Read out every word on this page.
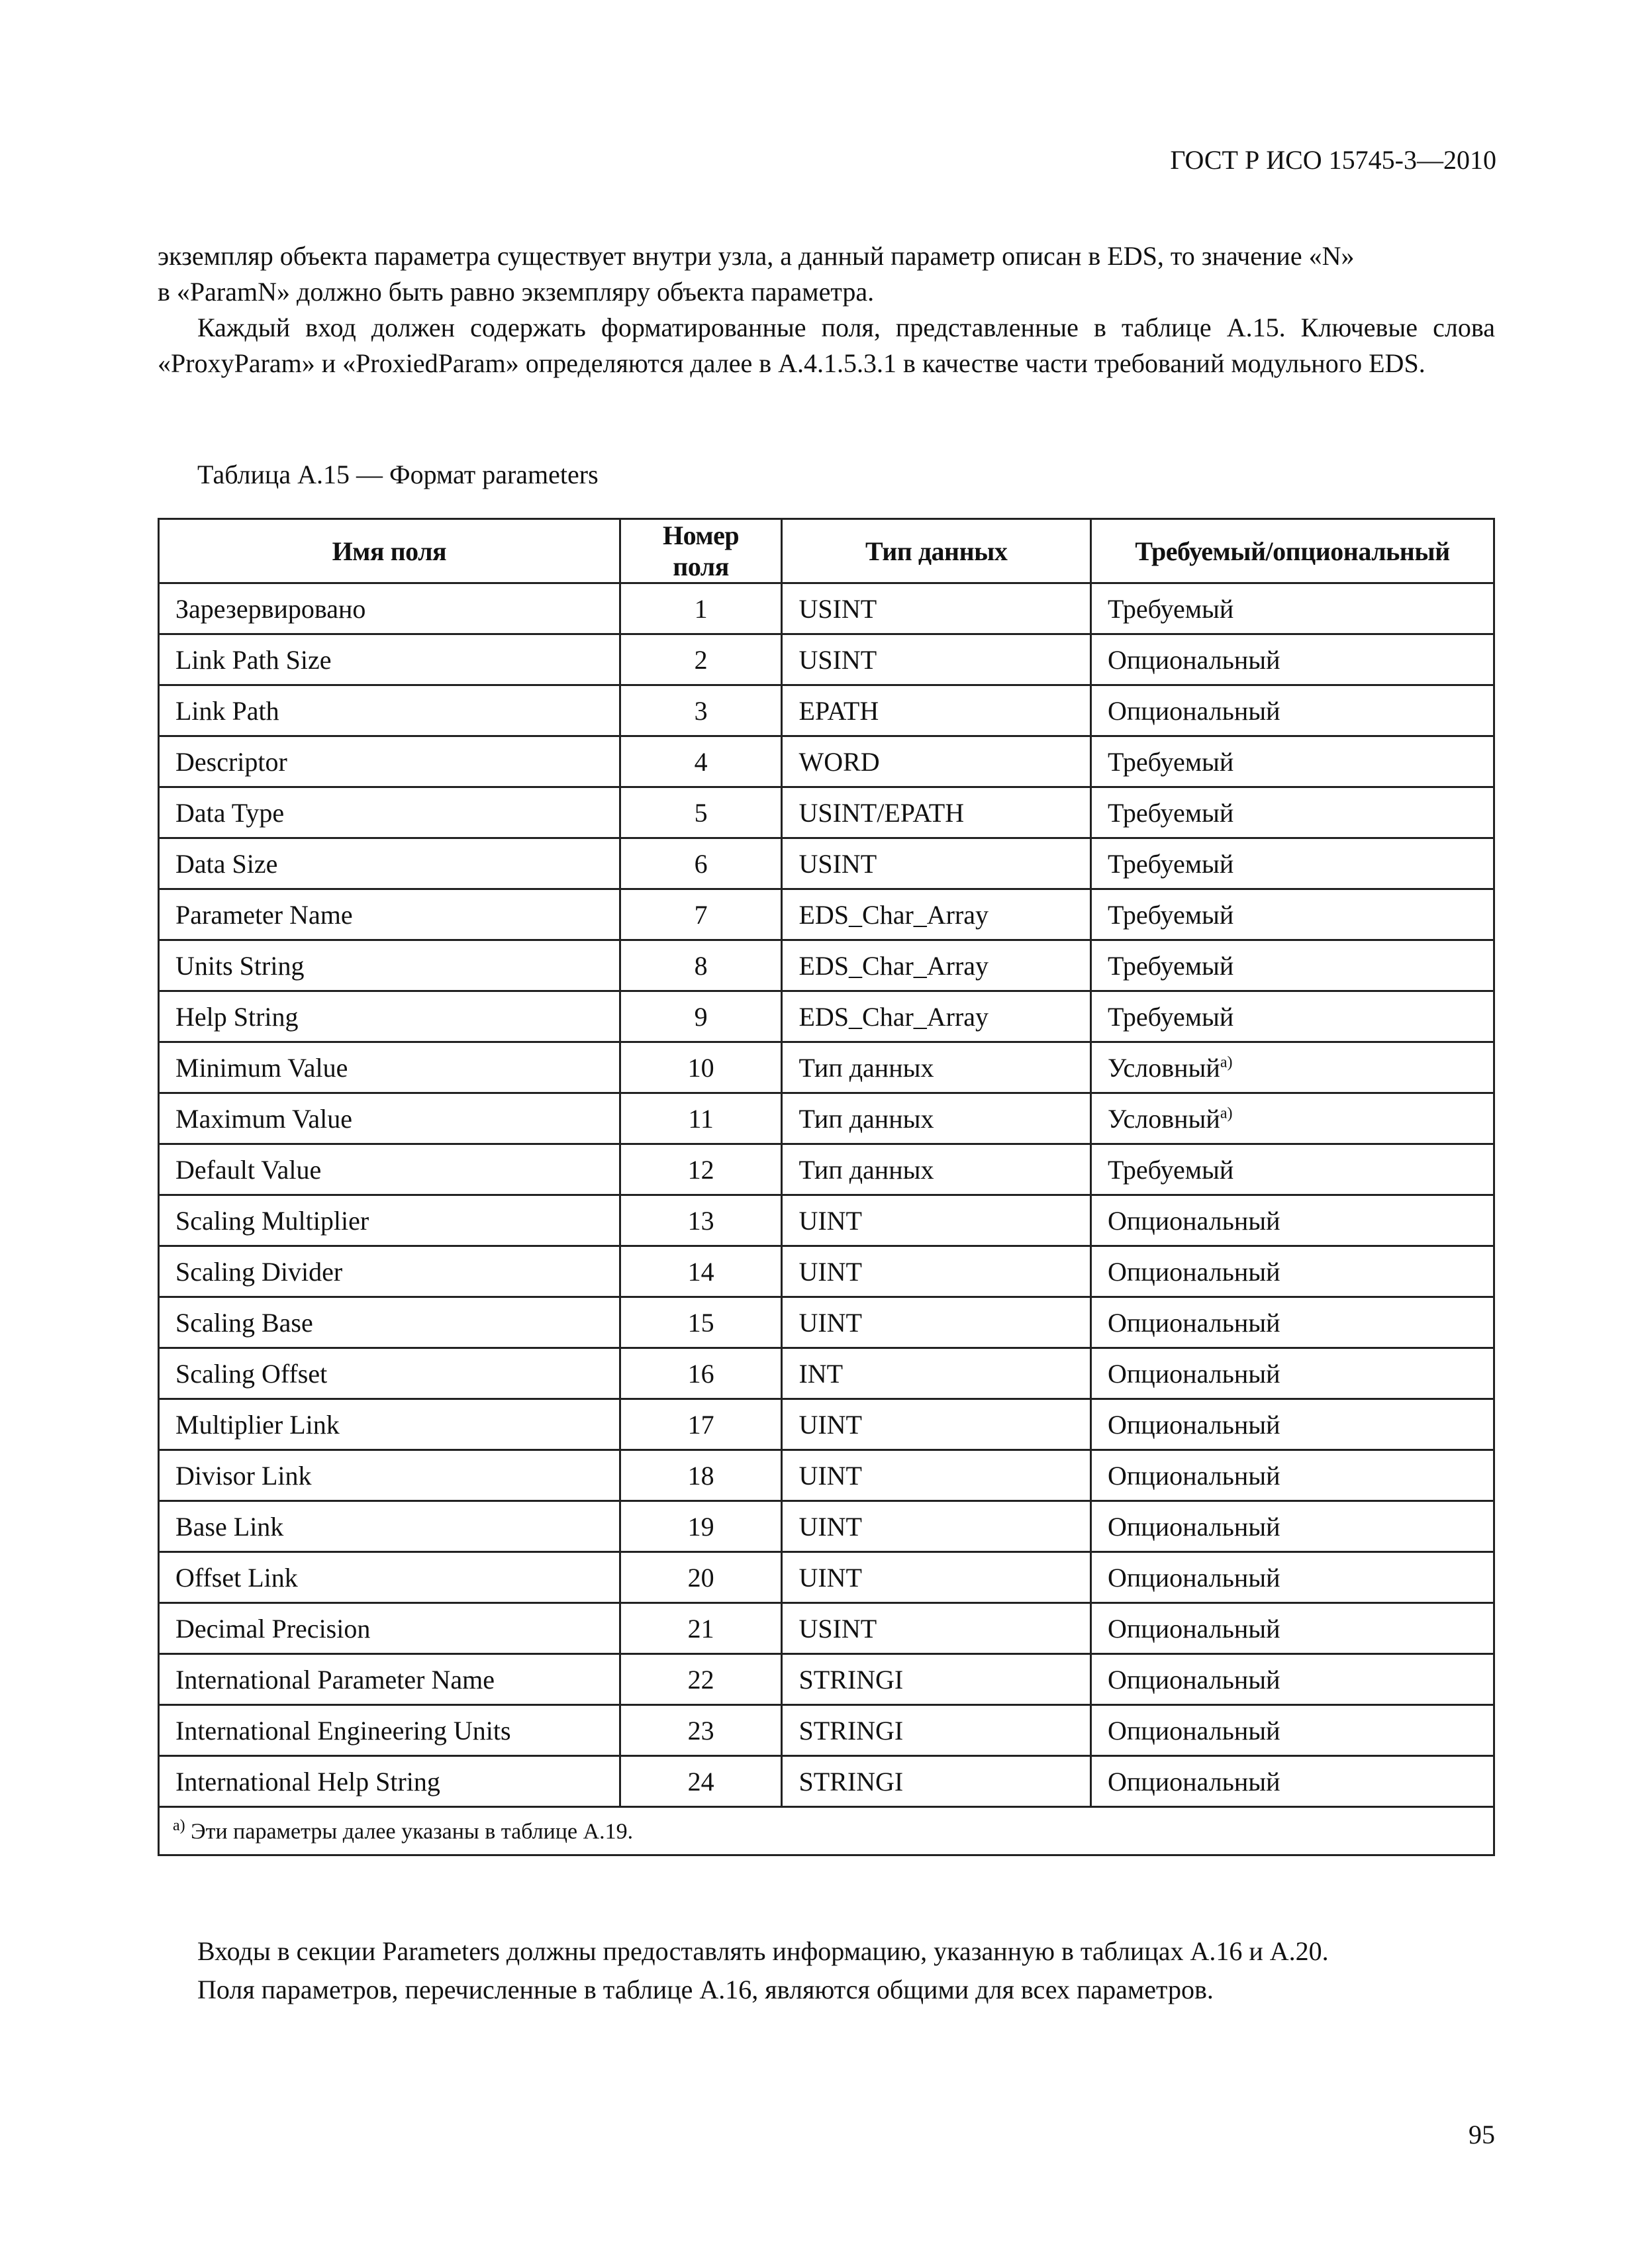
ГОСТ Р ИСО 15745-3—2010

экземпляр объекта параметра существует внутри узла, а данный параметр описан в EDS, то значение «N»
в «ParamN» должно быть равно экземпляру объекта параметра.

Каждый вход должен содержать форматированные поля, представленные в таблице А.15. Ключевые слова «ProxyParam» и «ProxiedParam» определяются далее в А.4.1.5.3.1 в качестве части требований модульного EDS.

Таблица А.15 — Формат parameters
Имя поля	Номер поля	Тип данных	Требуемый/опциональный
Зарезервировано	1	USINT	Требуемый
Link Path Size	2	USINT	Опциональный
Link Path	3	EPATH	Опциональный
Descriptor	4	WORD	Требуемый
Data Type	5	USINT/EPATH	Требуемый
Data Size	6	USINT	Требуемый
Parameter Name	7	EDS_Char_Array	Требуемый
Units String	8	EDS_Char_Array	Требуемый
Help String	9	EDS_Char_Array	Требуемый
Minimum Value	10	Тип данных	Условный$^{а)}$
Maximum Value	11	Тип данных	Условный$^{а)}$
Default Value	12	Тип данных	Требуемый
Scaling Multiplier	13	UINT	Опциональный
Scaling Divider	14	UINT	Опциональный
Scaling Base	15	UINT	Опциональный
Scaling Offset	16	INT	Опциональный
Multiplier Link	17	UINT	Опциональный
Divisor Link	18	UINT	Опциональный
Base Link	19	UINT	Опциональный
Offset Link	20	UINT	Опциональный
Decimal Precision	21	USINT	Опциональный
International Parameter Name	22	STRINGI	Опциональный
International Engineering Units	23	STRINGI	Опциональный
International Help String	24	STRINGI	Опциональный
$^{а)}$ Эти параметры далее указаны в таблице А.19.			

Входы в секции Parameters должны предоставлять информацию, указанную в таблицах А.16 и А.20.

Поля параметров, перечисленные в таблице А.16, являются общими для всех параметров.

95
